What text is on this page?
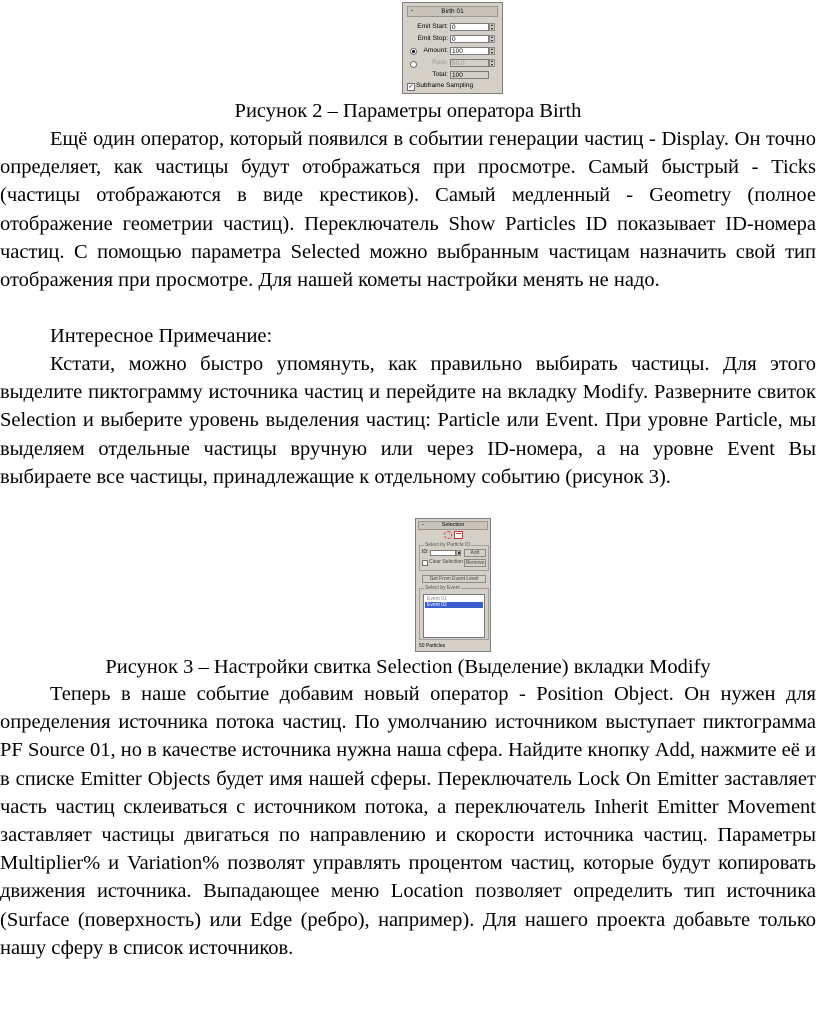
-	Birth 01
Emit Start: 0
Emit Stop: 0
Amount: 100
Rate: 60,0
Total: 100
✓ Subframe Sampling

Рисунок 2 – Параметры оператора Birth

Ещё один оператор, который появился в событии генерации частиц - Display. Он точно определяет, как частицы будут отображаться при просмотре. Самый быстрый - Ticks (частицы отображаются в виде крестиков). Самый медленный - Geometry (полное отображение геометрии частиц). Переключатель Show Particles ID показывает ID-номера частиц. С помощью параметра Selected можно выбранным частицам назначить свой тип отображения при просмотре. Для нашей кометы настройки менять не надо.

Интересное Примечание:

Кстати, можно быстро упомянуть, как правильно выбирать частицы. Для этого выделите пиктограмму источника частиц и перейдите на вкладку Modify. Разверните свиток Selection и выберите уровень выделения частиц: Particle или Event. При уровне Particle, мы выделяем отдельные частицы вручную или через ID-номера, а на уровне Event Вы выбираете все частицы, принадлежащие к отдельному событию (рисунок 3).

-	Selection
Select by Particle ID
ID:	Add
Clear Selection Remove
Get From Event Level
Select by Event
Event 01
Event 02
50 Particles

Рисунок 3 – Настройки свитка Selection (Выделение) вкладки Modify

Теперь в наше событие добавим новый оператор - Position Object. Он нужен для определения источника потока частиц. По умолчанию источником выступает пиктограмма PF Source 01, но в качестве источника нужна наша сфера. Найдите кнопку Add, нажмите её и в списке Emitter Objects будет имя нашей сферы. Переключатель Lock On Emitter заставляет часть частиц склеиваться с источником потока, а переключатель Inherit Emitter Movement заставляет частицы двигаться по направлению и скорости источника частиц. Параметры Multiplier% и Variation% позволят управлять процентом частиц, которые будут копировать движения источника. Выпадающее меню Location позволяет определить тип источника (Surface (поверхность) или Edge (ребро), например). Для нашего проекта добавьте только нашу сферу в список источников.
